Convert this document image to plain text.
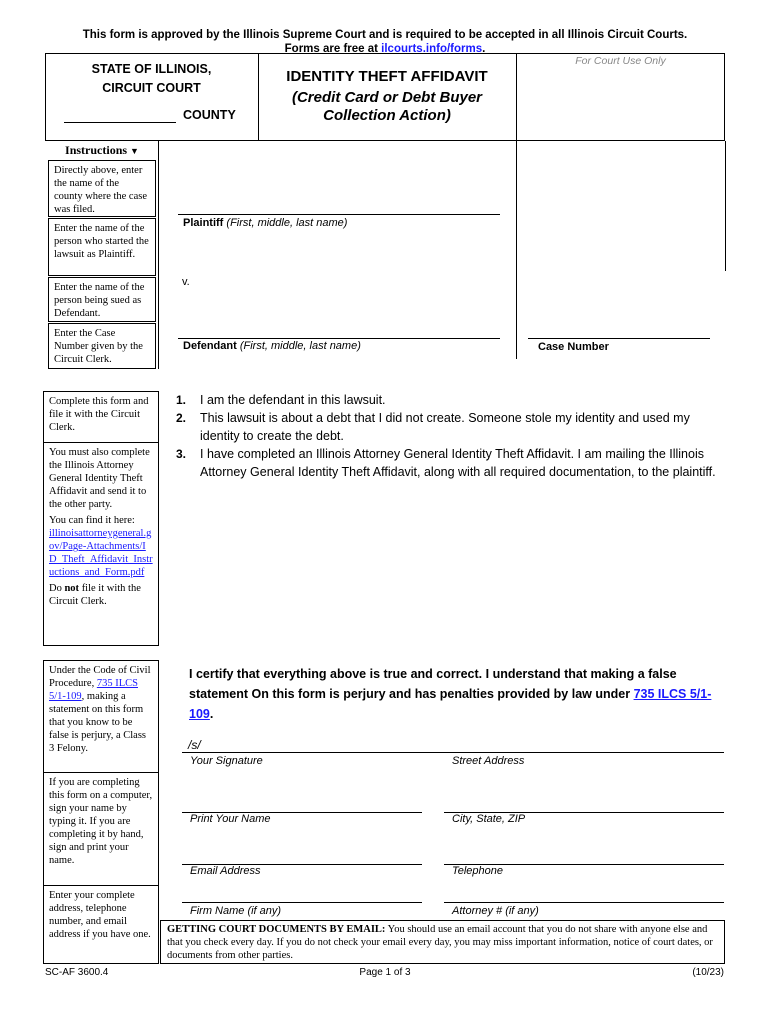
This form is approved by the Illinois Supreme Court and is required to be accepted in all Illinois Circuit Courts.
Forms are free at ilcourts.info/forms.
STATE OF ILLINOIS,
CIRCUIT COURT
COUNTY
IDENTITY THEFT AFFIDAVIT
(Credit Card or Debt Buyer Collection Action)
For Court Use Only
Instructions ▼
Directly above, enter the name of the county where the case was filed.
Enter the name of the person who started the lawsuit as Plaintiff.
Enter the name of the person being sued as Defendant.
Enter the Case Number given by the Circuit Clerk.
Plaintiff (First, middle, last name)
v.
Defendant (First, middle, last name)	Case Number
Complete this form and file it with the Circuit Clerk.
You must also complete the Illinois Attorney General Identity Theft Affidavit and send it to the other party.
You can find it here:
illinoisattorneygeneral.gov/Page-Attachments/ID_Theft_Affidavit_Instructions_and_Form.pdf
Do not file it with the Circuit Clerk.
1.	I am the defendant in this lawsuit.
2.	This lawsuit is about a debt that I did not create. Someone stole my identity and used my identity to create the debt.
3.	I have completed an Illinois Attorney General Identity Theft Affidavit. I am mailing the Illinois Attorney General Identity Theft Affidavit, along with all required documentation, to the plaintiff.
Under the Code of Civil Procedure, 735 ILCS 5/1-109, making a statement on this form that you know to be false is perjury, a Class 3 Felony.
If you are completing this form on a computer, sign your name by typing it. If you are completing it by hand, sign and print your name.
Enter your complete address, telephone number, and email address if you have one.
I certify that everything above is true and correct. I understand that making a false statement On this form is perjury and has penalties provided by law under 735 ILCS 5/1-109.
/s/
Your Signature	Street Address
Print Your Name	City, State, ZIP
Email Address	Telephone
Firm Name (if any)	Attorney # (if any)
GETTING COURT DOCUMENTS BY EMAIL: You should use an email account that you do not share with anyone else and that you check every day. If you do not check your email every day, you may miss important information, notice of court dates, or documents from other parties.
SC-AF 3600.4	Page 1 of 3	(10/23)
